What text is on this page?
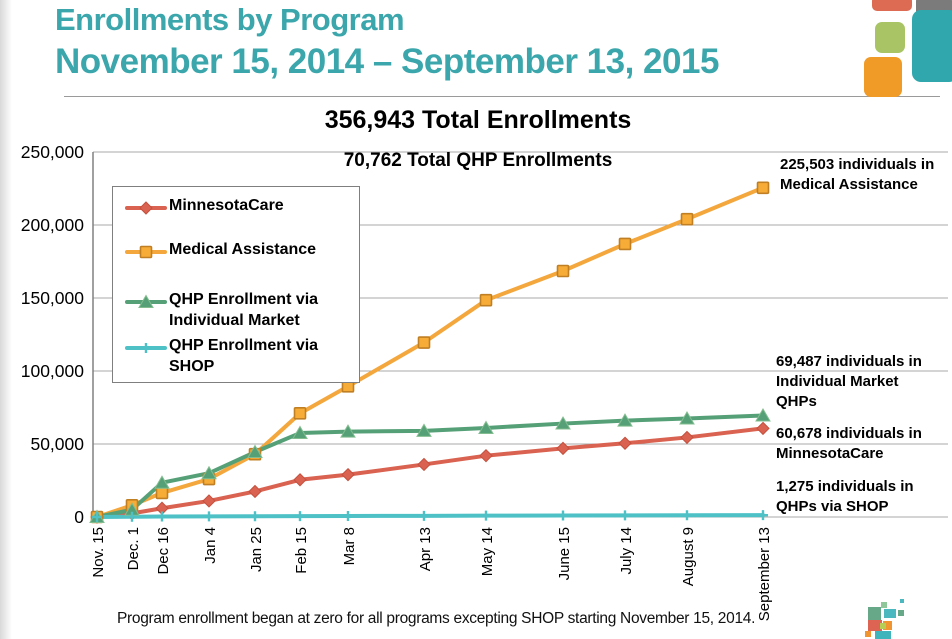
0
50,000
100,000
150,000
200,000
250,000
Nov. 15 Dec. 1 Dec 16 Jan 4 Jan 25 Feb 15 Mar 8	Apr 13	May 14	June 15	July 14	August 9	September 13
Enrollments by Program
November 15, 2014 – September 13, 2015
356,943 Total Enrollments
70,762 Total QHP Enrollments
MinnesotaCare
Medical Assistance
QHP Enrollment via Individual Market
QHP Enrollment via SHOP
225,503 individuals in Medical Assistance
69,487 individuals in Individual Market QHPs
60,678 individuals in MinnesotaCare
1,275 individuals in QHPs via SHOP
Program enrollment began at zero for all programs excepting SHOP starting November 15, 2014.
